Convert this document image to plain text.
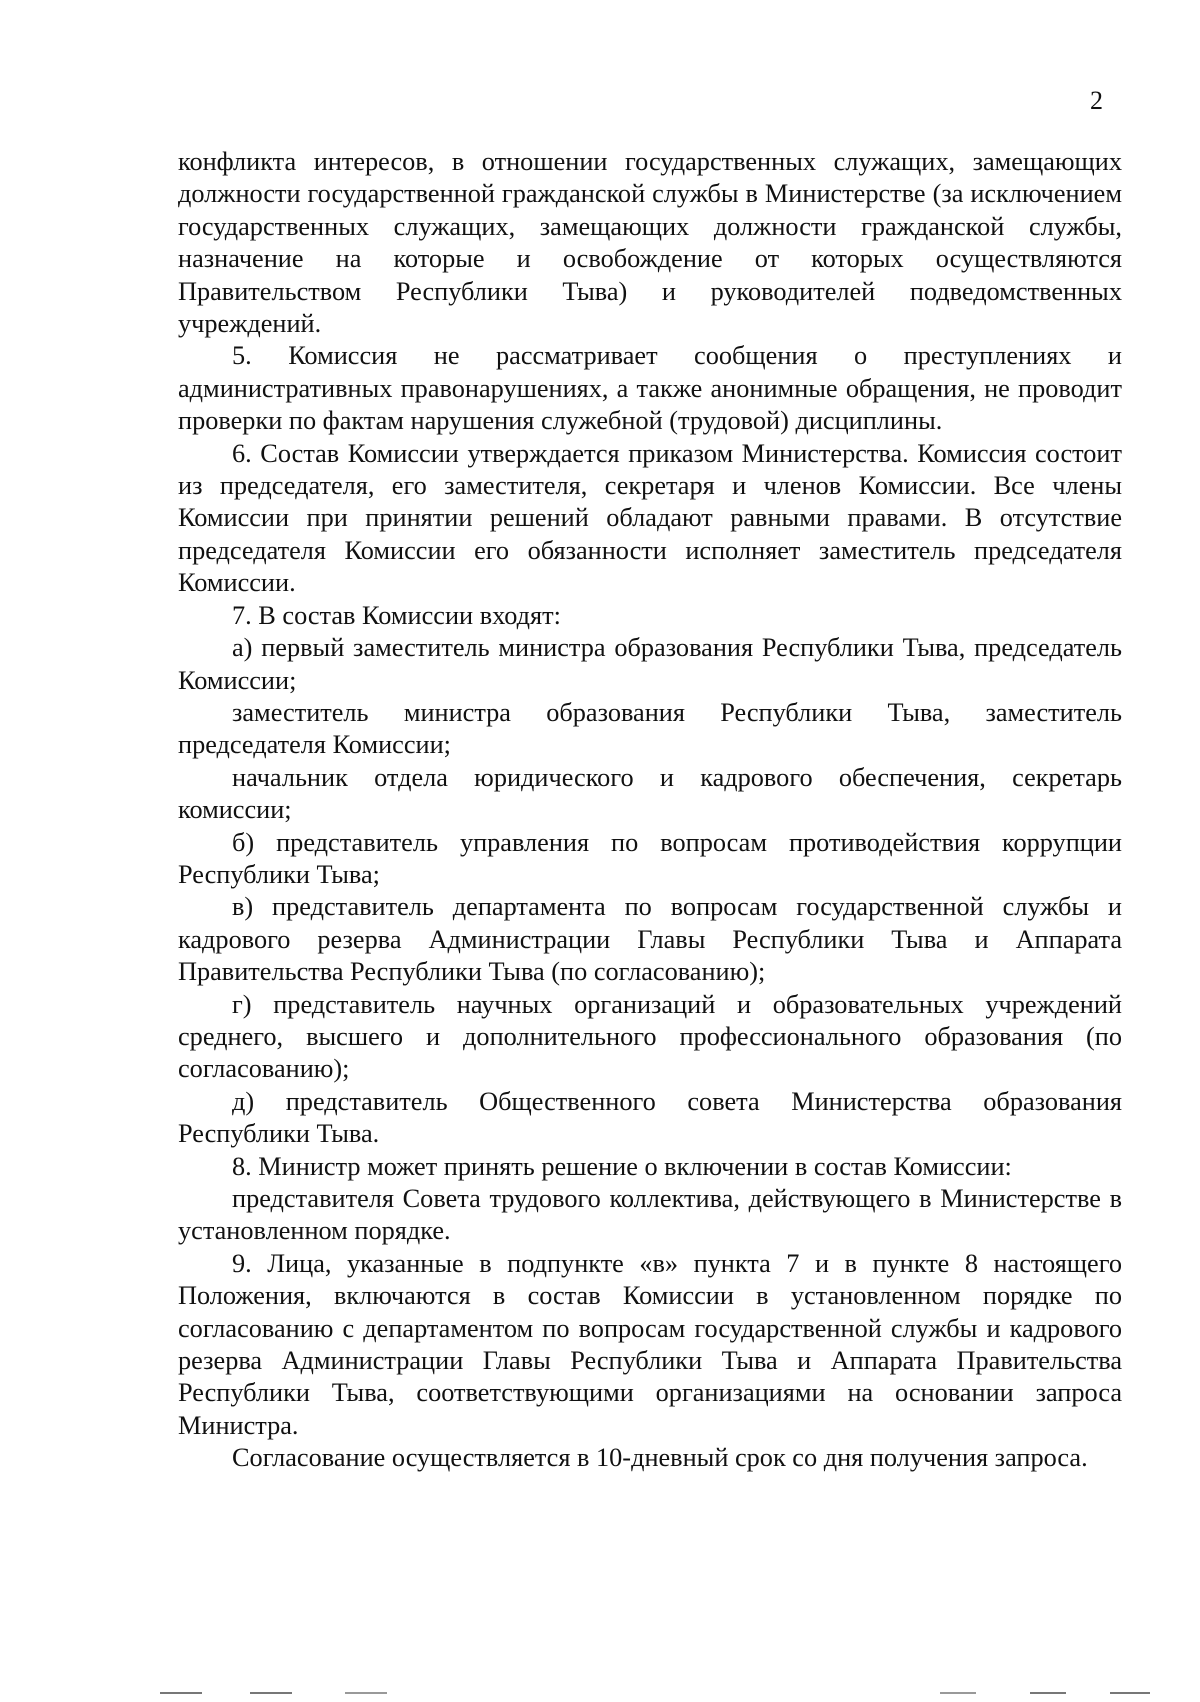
2

конфликта интересов, в отношении государственных служащих, замещающих должности государственной гражданской службы в Министерстве (за исключением государственных служащих, замещающих должности гражданской службы, назначение на которые и освобождение от которых осуществляются Правительством Республики Тыва) и руководителей подведомственных учреждений.

5. Комиссия не рассматривает сообщения о преступлениях и административных правонарушениях, а также анонимные обращения, не проводит проверки по фактам нарушения служебной (трудовой) дисциплины.

6. Состав Комиссии утверждается приказом Министерства. Комиссия состоит из председателя, его заместителя, секретаря и членов Комиссии. Все члены Комиссии при принятии решений обладают равными правами. В отсутствие председателя Комиссии его обязанности исполняет заместитель председателя Комиссии.

7. В состав Комиссии входят:

а) первый заместитель министра образования Республики Тыва, председатель Комиссии;

заместитель министра образования Республики Тыва, заместитель председателя Комиссии;

начальник отдела юридического и кадрового обеспечения, секретарь комиссии;

б) представитель управления по вопросам противодействия коррупции Республики Тыва;

в) представитель департамента по вопросам государственной службы и кадрового резерва Администрации Главы Республики Тыва и Аппарата Правительства Республики Тыва (по согласованию);

г) представитель научных организаций и образовательных учреждений среднего, высшего и дополнительного профессионального образования (по согласованию);

д) представитель Общественного совета Министерства образования Республики Тыва.

8. Министр может принять решение о включении в состав Комиссии:

представителя Совета трудового коллектива, действующего в Министерстве в установленном порядке.

9. Лица, указанные в подпункте «в» пункта 7 и в пункте 8 настоящего Положения, включаются в состав Комиссии в установленном порядке по согласованию с департаментом по вопросам государственной службы и кадрового резерва Администрации Главы Республики Тыва и Аппарата Правительства Республики Тыва, соответствующими организациями на основании запроса Министра.

Согласование осуществляется в 10-дневный срок со дня получения запроса.
